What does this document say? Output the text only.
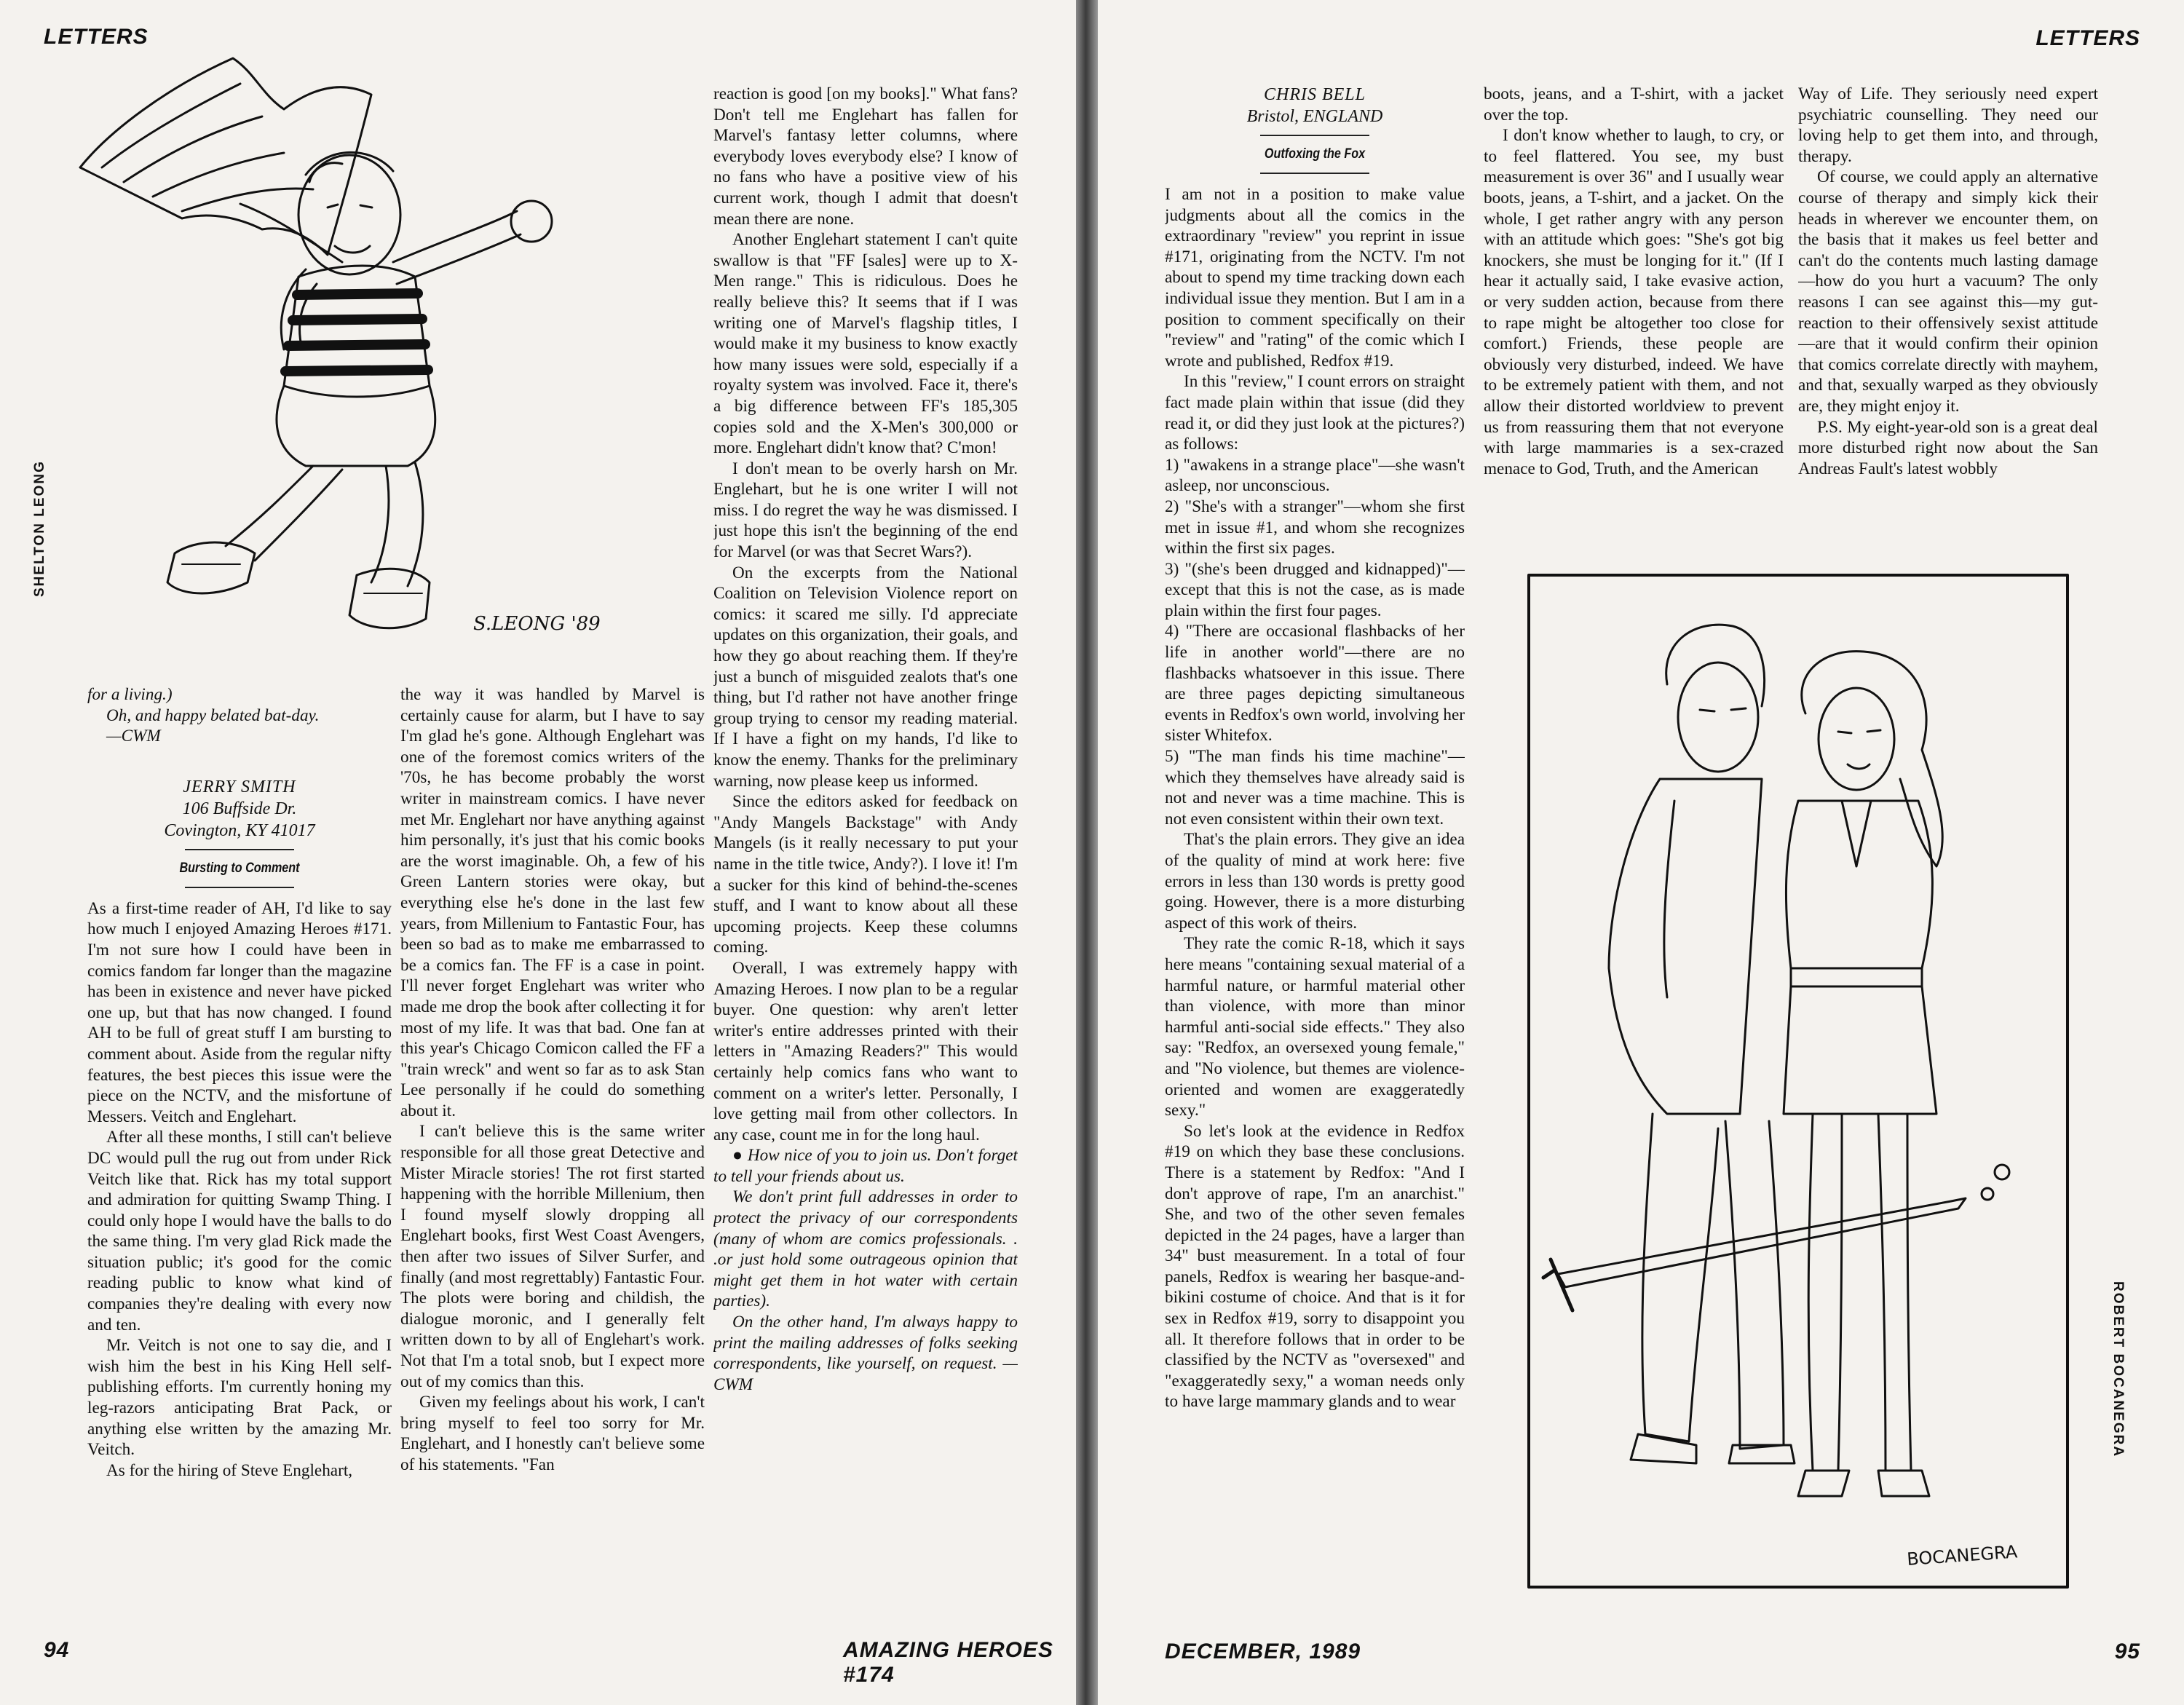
LETTERS
S.LEONG '89
SHELTON LEONG

for a living.)

Oh, and happy belated bat-day.

—CWM

JERRY SMITH
106 Buffside Dr.
Covington, KY 41017
Bursting to Comment

As a first-time reader of AH, I'd like to say how much I enjoyed Amazing Heroes #171. I'm not sure how I could have been in comics fandom far longer than the magazine has been in existence and never have picked one up, but that has now changed. I found AH to be full of great stuff I am bursting to comment about. Aside from the regular nifty features, the best pieces this issue were the piece on the NCTV, and the misfortune of Messers. Veitch and Englehart.

After all these months, I still can't believe DC would pull the rug out from under Rick Veitch like that. Rick has my total support and admiration for quitting Swamp Thing. I could only hope I would have the balls to do the same thing. I'm very glad Rick made the situation public; it's good for the comic reading public to know what kind of companies they're dealing with every now and ten.

Mr. Veitch is not one to say die, and I wish him the best in his King Hell self-publishing efforts. I'm currently honing my leg-razors anticipating Brat Pack, or anything else written by the amazing Mr. Veitch.

As for the hiring of Steve Englehart,

the way it was handled by Marvel is certainly cause for alarm, but I have to say I'm glad he's gone. Although Englehart was one of the foremost comics writers of the '70s, he has become probably the worst writer in mainstream comics. I have never met Mr. Englehart nor have anything against him personally, it's just that his comic books are the worst imaginable. Oh, a few of his Green Lantern stories were okay, but everything else he's done in the last few years, from Millenium to Fantastic Four, has been so bad as to make me embarrassed to be a comics fan. The FF is a case in point. I'll never forget Englehart was writer who made me drop the book after collecting it for most of my life. It was that bad. One fan at this year's Chicago Comicon called the FF a "train wreck" and went so far as to ask Stan Lee personally if he could do something about it.

I can't believe this is the same writer responsible for all those great Detective and Mister Miracle stories! The rot first started happening with the horrible Millenium, then I found myself slowly dropping all Englehart books, first West Coast Avengers, then after two issues of Silver Surfer, and finally (and most regrettably) Fantastic Four. The plots were boring and childish, the dialogue moronic, and I generally felt written down to by all of Englehart's work. Not that I'm a total snob, but I expect more out of my comics than this.

Given my feelings about his work, I can't bring myself to feel too sorry for Mr. Englehart, and I honestly can't believe some of his statements. "Fan

reaction is good [on my books]." What fans? Don't tell me Englehart has fallen for Marvel's fantasy letter columns, where everybody loves everybody else? I know of no fans who have a positive view of his current work, though I admit that doesn't mean there are none.

Another Englehart statement I can't quite swallow is that "FF [sales] were up to X-Men range." This is ridiculous. Does he really believe this? It seems that if I was writing one of Marvel's flagship titles, I would make it my business to know exactly how many issues were sold, especially if a royalty system was involved. Face it, there's a big difference between FF's 185,305 copies sold and the X-Men's 300,000 or more. Englehart didn't know that? C'mon!

I don't mean to be overly harsh on Mr. Englehart, but he is one writer I will not miss. I do regret the way he was dismissed. I just hope this isn't the beginning of the end for Marvel (or was that Secret Wars?).

On the excerpts from the National Coalition on Television Violence report on comics: it scared me silly. I'd appreciate updates on this organization, their goals, and how they go about reaching them. If they're just a bunch of misguided zealots that's one thing, but I'd rather not have another fringe group trying to censor my reading material. If I have a fight on my hands, I'd like to know the enemy. Thanks for the preliminary warning, now please keep us informed.

Since the editors asked for feedback on "Andy Mangels Backstage" with Andy Mangels (is it really necessary to put your name in the title twice, Andy?). I love it! I'm a sucker for this kind of behind-the-scenes stuff, and I want to know about all these upcoming projects. Keep these columns coming.

Overall, I was extremely happy with Amazing Heroes. I now plan to be a regular buyer. One question: why aren't letter writer's entire addresses printed with their letters in "Amazing Readers?" This would certainly help comics fans who want to comment on a writer's letter. Personally, I love getting mail from other collectors. In any case, count me in for the long haul.

● How nice of you to join us. Don't forget to tell your friends about us.

We don't print full addresses in order to protect the privacy of our correspondents (many of whom are comics professionals. . .or just hold some outrageous opinion that might get them in hot water with certain parties).

On the other hand, I'm always happy to print the mailing addresses of folks seeking correspondents, like yourself, on request. —CWM

94	AMAZING HEROES #174
LETTERS
CHRIS BELL
Bristol, ENGLAND
Outfoxing the Fox

I am not in a position to make value judgments about all the comics in the extraordinary "review" you reprint in issue #171, originating from the NCTV. I'm not about to spend my time tracking down each individual issue they mention. But I am in a position to comment specifically on their "review" and "rating" of the comic which I wrote and published, Redfox #19.

In this "review," I count errors on straight fact made plain within that issue (did they read it, or did they just look at the pictures?) as follows:

1) "awakens in a strange place"—she wasn't asleep, nor unconscious.

2) "She's with a stranger"—whom she first met in issue #1, and whom she recognizes within the first six pages.

3) "(she's been drugged and kidnapped)"—except that this is not the case, as is made plain within the first four pages.

4) "There are occasional flashbacks of her life in another world"—there are no flashbacks whatsoever in this issue. There are three pages depicting simultaneous events in Redfox's own world, involving her sister Whitefox.

5) "The man finds his time machine"—which they themselves have already said is not and never was a time machine. This is not even consistent within their own text.

That's the plain errors. They give an idea of the quality of mind at work here: five errors in less than 130 words is pretty good going. However, there is a more disturbing aspect of this work of theirs.

They rate the comic R-18, which it says here means "containing sexual material of a harmful nature, or harmful material other than violence, with more than minor harmful anti-social side effects." They also say: "Redfox, an oversexed young female," and "No violence, but themes are violence-oriented and women are exaggeratedly sexy."

So let's look at the evidence in Redfox #19 on which they base these conclusions. There is a statement by Redfox: "And I don't approve of rape, I'm an anarchist." She, and two of the other seven females depicted in the 24 pages, have a larger than 34" bust measurement. In a total of four panels, Redfox is wearing her basque-and-bikini costume of choice. And that is it for sex in Redfox #19, sorry to disappoint you all. It therefore follows that in order to be classified by the NCTV as "oversexed" and "exaggeratedly sexy," a woman needs only to have large mammary glands and to wear

boots, jeans, and a T-shirt, with a jacket over the top.

I don't know whether to laugh, to cry, or to feel flattered. You see, my bust measurement is over 36" and I usually wear boots, jeans, a T-shirt, and a jacket. On the whole, I get rather angry with any person with an attitude which goes: "She's got big knockers, she must be longing for it." (If I hear it actually said, I take evasive action, or very sudden action, because from there to rape might be altogether too close for comfort.) Friends, these people are obviously very disturbed, indeed. We have to be extremely patient with them, and not allow their distorted worldview to prevent us from reassuring them that not everyone with large mammaries is a sex-crazed menace to God, Truth, and the American

Way of Life. They seriously need expert psychiatric counselling. They need our loving help to get them into, and through, therapy.

Of course, we could apply an alternative course of therapy and simply kick their heads in wherever we encounter them, on the basis that it makes us feel better and can't do the contents much lasting damage—how do you hurt a vacuum? The only reasons I can see against this—my gut-reaction to their offensively sexist attitude—are that it would confirm their opinion that comics correlate directly with mayhem, and that, sexually warped as they obviously are, they might enjoy it.

P.S. My eight-year-old son is a great deal more disturbed right now about the San Andreas Fault's latest wobbly

BOCANEGRA
ROBERT BOCANEGRA
DECEMBER, 1989	95
